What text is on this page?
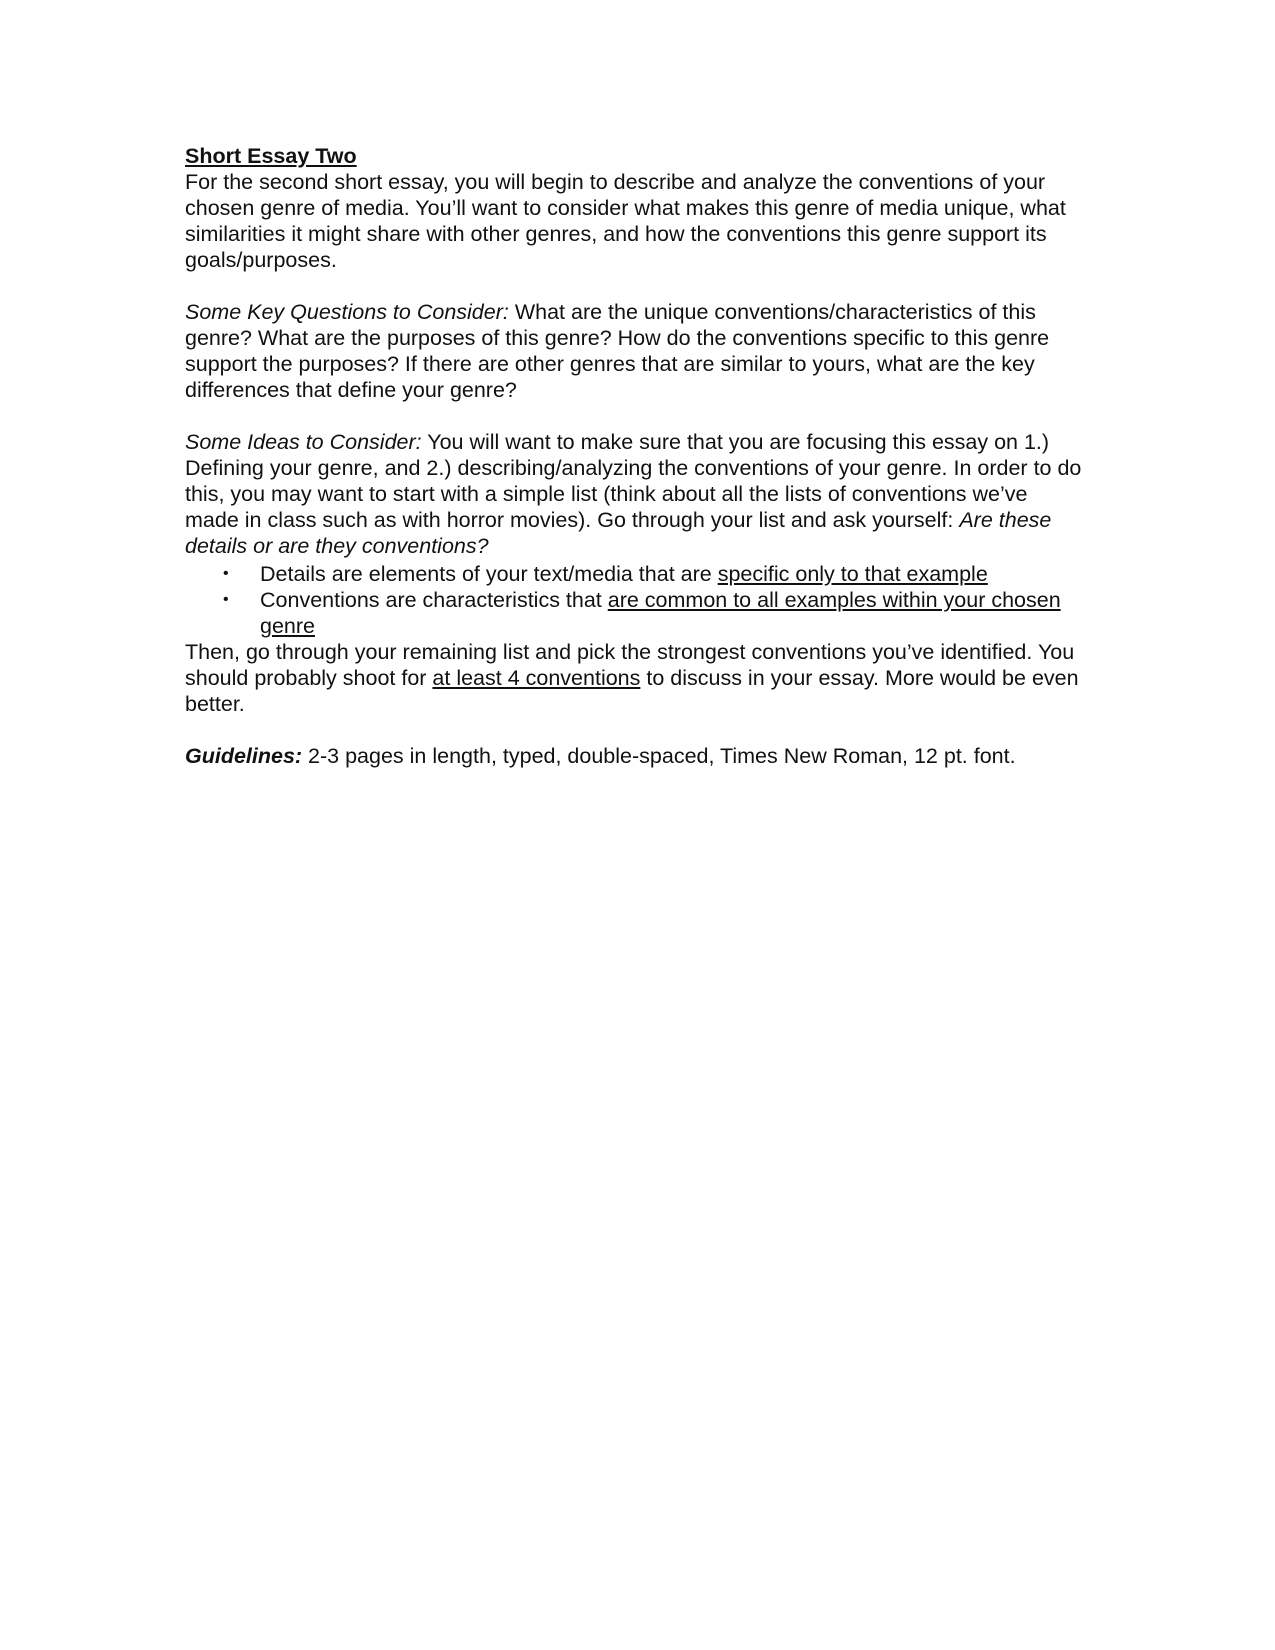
Short Essay Two

For the second short essay, you will begin to describe and analyze the conventions of your chosen genre of media. You’ll want to consider what makes this genre of media unique, what similarities it might share with other genres, and how the conventions this genre support its goals/purposes.

Some Key Questions to Consider: What are the unique conventions/characteristics of this genre? What are the purposes of this genre? How do the conventions specific to this genre support the purposes? If there are other genres that are similar to yours, what are the key differences that define your genre?

Some Ideas to Consider: You will want to make sure that you are focusing this essay on 1.) Defining your genre, and 2.) describing/analyzing the conventions of your genre. In order to do this, you may want to start with a simple list (think about all the lists of conventions we’ve made in class such as with horror movies). Go through your list and ask yourself: Are these details or are they conventions?

• Details are elements of your text/media that are specific only to that example
• Conventions are characteristics that are common to all examples within your chosen genre

Then, go through your remaining list and pick the strongest conventions you’ve identified. You should probably shoot for at least 4 conventions to discuss in your essay. More would be even better.

Guidelines: 2-3 pages in length, typed, double-spaced, Times New Roman, 12 pt. font.
